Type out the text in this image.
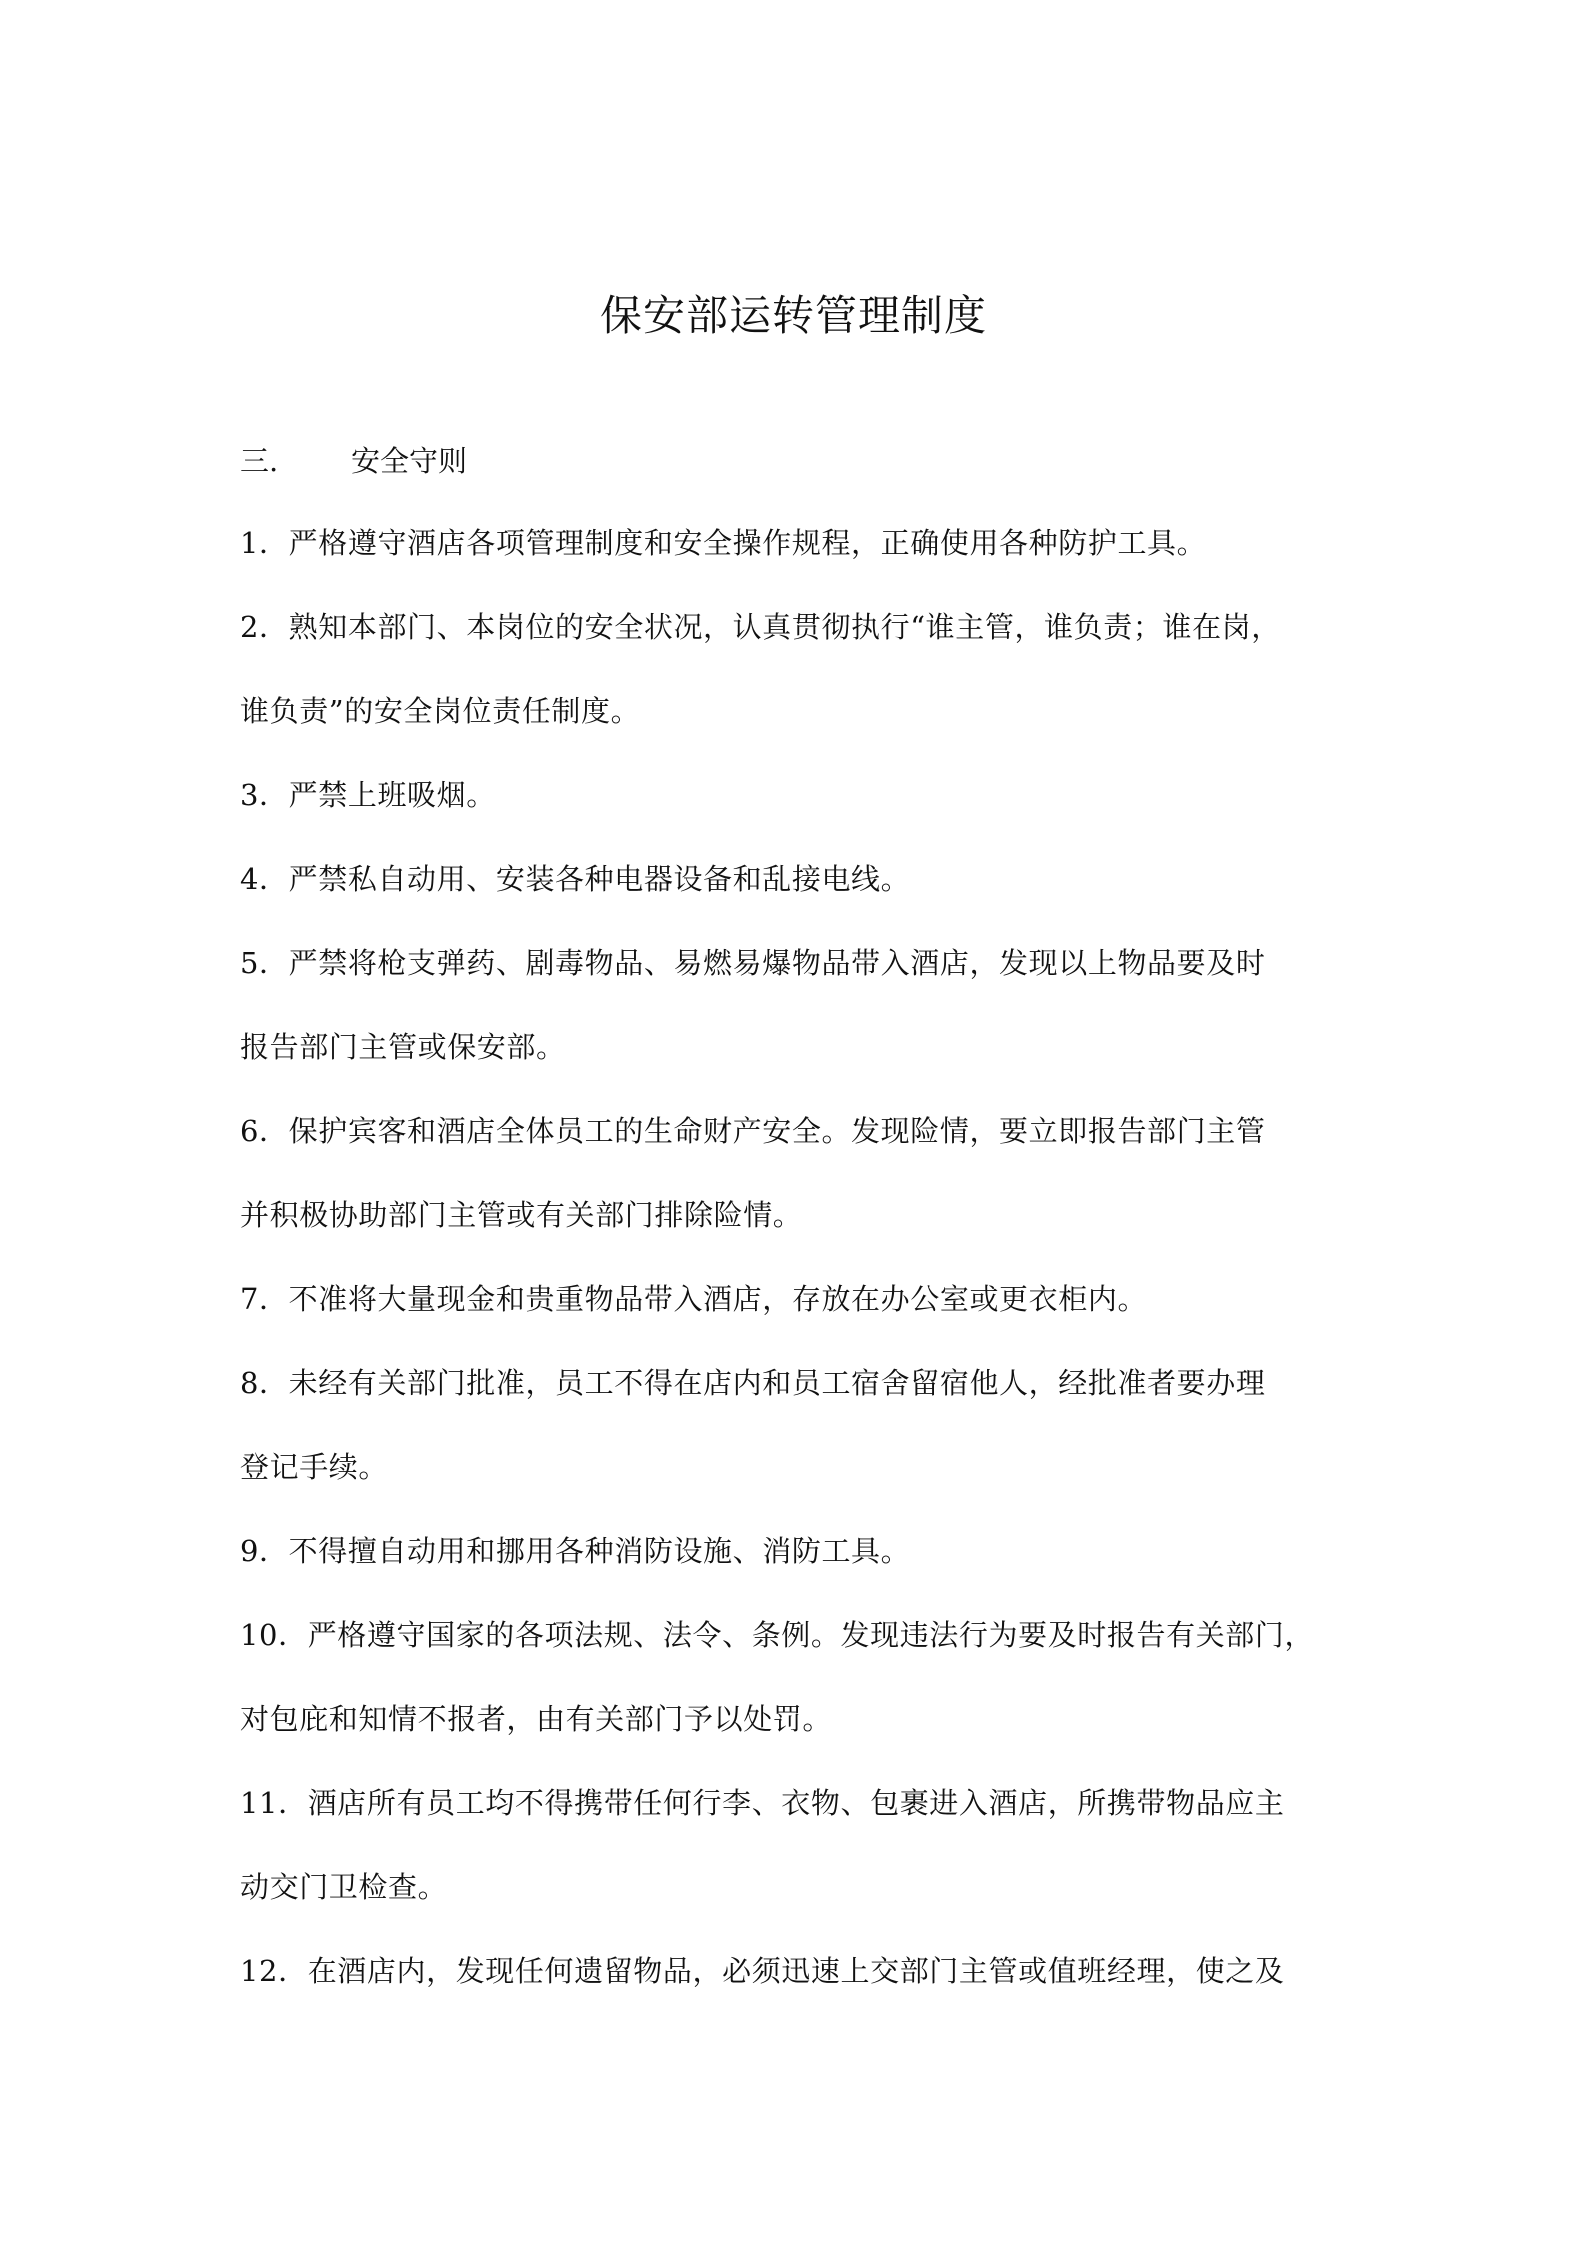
保安部运转管理制度
三.	安全守则

1．严格遵守酒店各项管理制度和安全操作规程，正确使用各种防护工具。

2．熟知本部门、本岗位的安全状况，认真贯彻执行“谁主管，谁负责；谁在岗，

谁负责”的安全岗位责任制度。

3．严禁上班吸烟。

4．严禁私自动用、安装各种电器设备和乱接电线。

5．严禁将枪支弹药、剧毒物品、易燃易爆物品带入酒店，发现以上物品要及时

报告部门主管或保安部。

6．保护宾客和酒店全体员工的生命财产安全。发现险情，要立即报告部门主管

并积极协助部门主管或有关部门排除险情。

7．不准将大量现金和贵重物品带入酒店，存放在办公室或更衣柜内。

8．未经有关部门批准，员工不得在店内和员工宿舍留宿他人，经批准者要办理

登记手续。

9．不得擅自动用和挪用各种消防设施、消防工具。

10．严格遵守国家的各项法规、法令、条例。发现违法行为要及时报告有关部门，

对包庇和知情不报者，由有关部门予以处罚。

11．酒店所有员工均不得携带任何行李、衣物、包裹进入酒店，所携带物品应主

动交门卫检查。

12．在酒店内，发现任何遗留物品，必须迅速上交部门主管或值班经理，使之及
